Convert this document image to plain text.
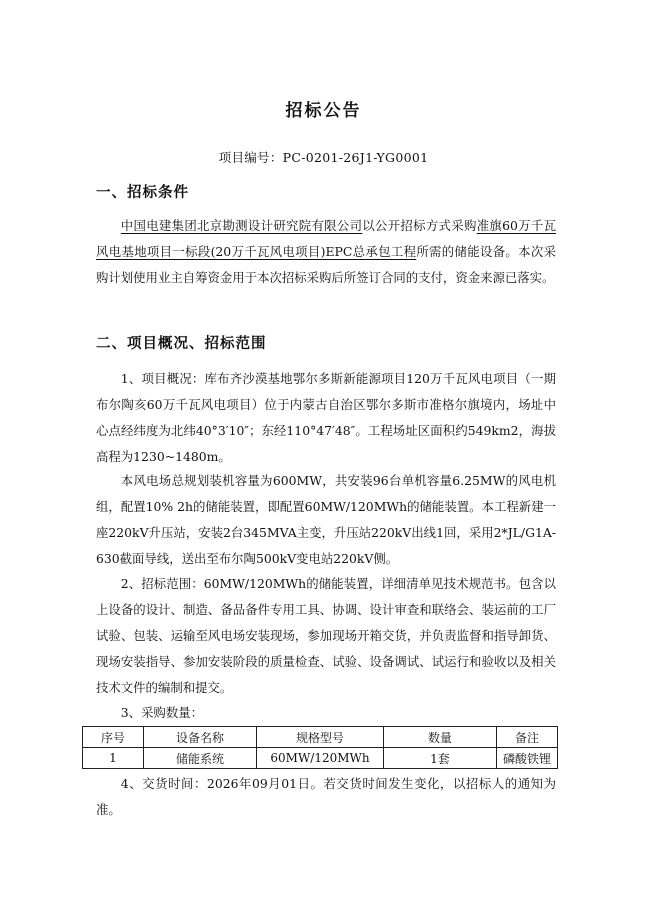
招标公告
项目编号：PC-0201-26J1-YG0001
一、招标条件

中国电建集团北京勘测设计研究院有限公司以公开招标方式采购准旗60万千瓦风电基地项目一标段(20万千瓦风电项目)EPC总承包工程所需的储能设备。本次采购计划使用业主自筹资金用于本次招标采购后所签订合同的支付，资金来源已落实。

二、项目概况、招标范围

1、项目概况：库布齐沙漠基地鄂尔多斯新能源项目120万千瓦风电项目（一期布尔陶亥60万千瓦风电项目）位于内蒙古自治区鄂尔多斯市准格尔旗境内，场址中心点经纬度为北纬40°3′10″；东经110°47′48″。工程场址区面积约549km2，海拔高程为1230~1480m。

本风电场总规划装机容量为600MW，共安装96台单机容量6.25MW的风电机组，配置10% 2h的储能装置，即配置60MW/120MWh的储能装置。本工程新建一座220kV升压站，安装2台345MVA主变，升压站220kV出线1回，采用2*JL/G1A-630截面导线，送出至布尔陶500kV变电站220kV侧。

2、招标范围：60MW/120MWh的储能装置，详细清单见技术规范书。包含以上设备的设计、制造、备品备件专用工具、协调、设计审查和联络会、装运前的工厂试验、包装、运输至风电场安装现场，参加现场开箱交货，并负责监督和指导卸货、现场安装指导、参加安装阶段的质量检查、试验、设备调试、试运行和验收以及相关技术文件的编制和提交。

3、采购数量：

序号	设备名称	规格型号	数量	备注
1	储能系统	60MW/120MWh	1套	磷酸铁锂

4、交货时间：2026年09月01日。若交货时间发生变化，以招标人的通知为准。
